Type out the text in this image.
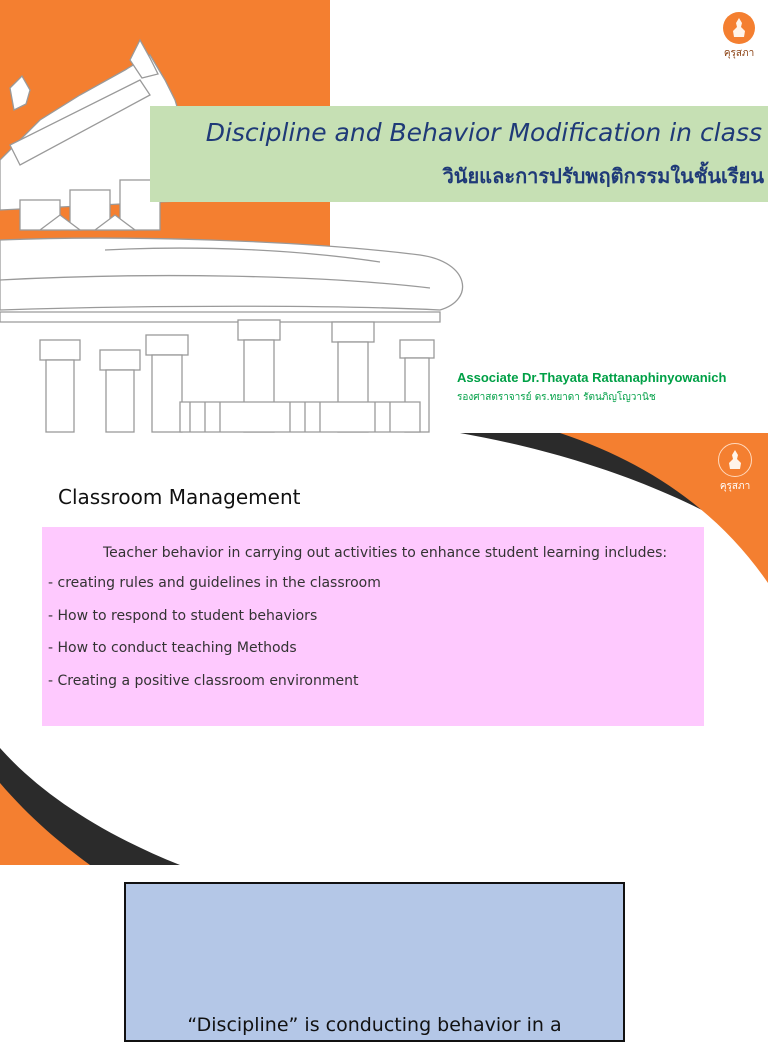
คุรุสภา
Discipline and Behavior Modification in class
วินัยและการปรับพฤติกรรมในชั้นเรียน
Associate Dr.Thayata Rattanaphinyowanich
รองศาสตราจารย์ ดร.ทยาดา รัตนภิญโญวานิช
คุรุสภา
Classroom Management

Teacher behavior in carrying out activities to enhance student learning includes:

- creating rules and guidelines in the classroom

- How to respond to student behaviors

- How to conduct teaching Methods

- Creating a positive classroom environment

“Discipline” is conducting behavior in a
